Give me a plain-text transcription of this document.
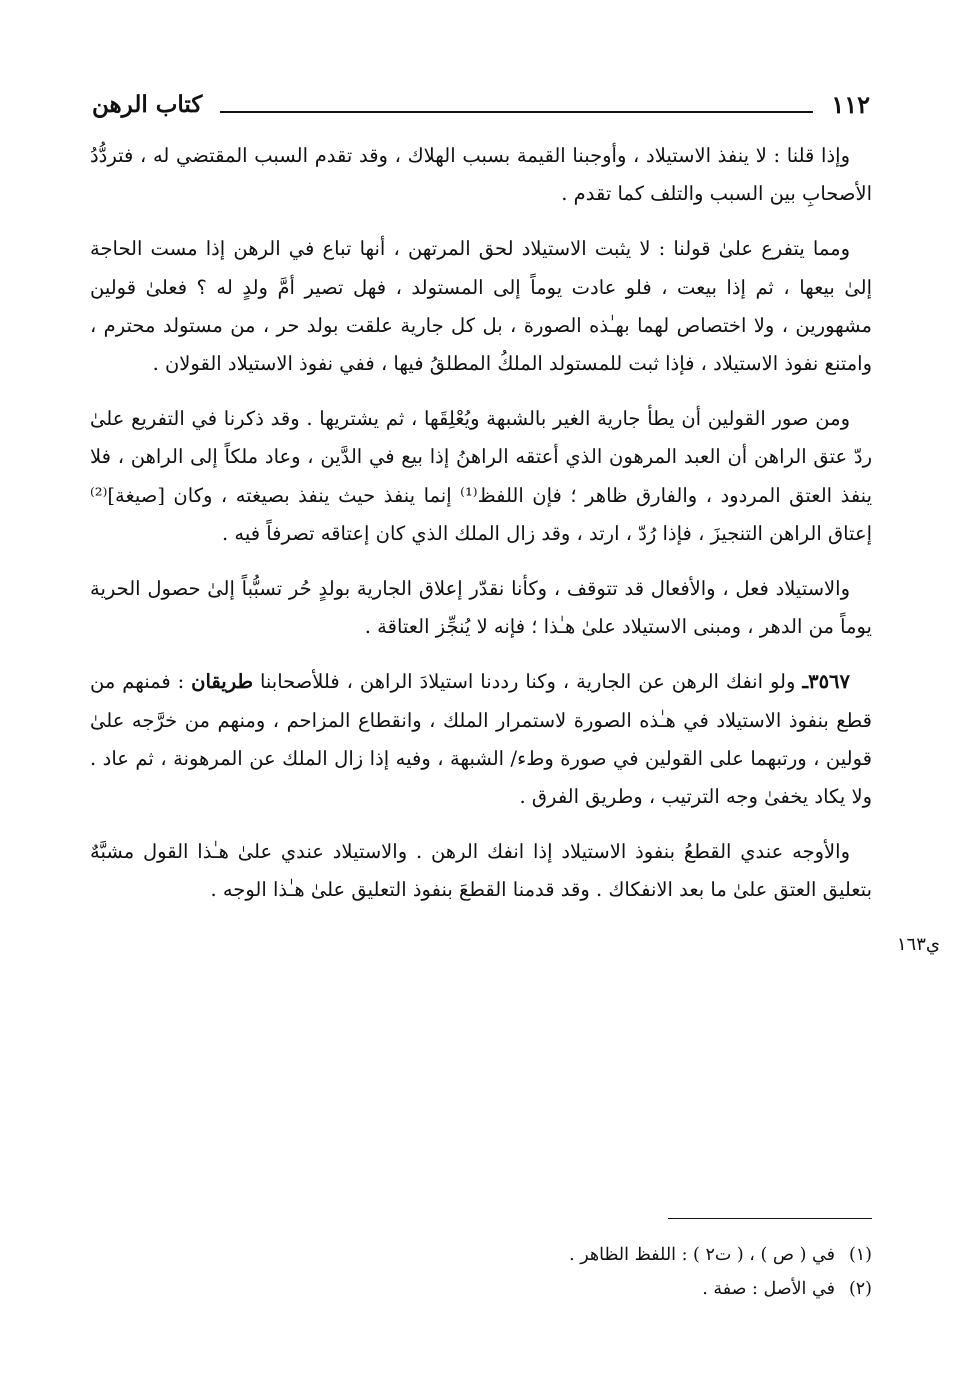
١١٢
كتاب الرهن

وإذا قلنا : لا ينفذ الاستيلاد ، وأوجبنا القيمة بسبب الهلاك ، وقد تقدم السبب المقتضي له ، فتردُّدُ الأصحابِ بين السبب والتلف كما تقدم .

ومما يتفرع علىٰ قولنا : لا يثبت الاستيلاد لحق المرتهن ، أنها تباع في الرهن إذا مست الحاجة إلىٰ بيعها ، ثم إذا بيعت ، فلو عادت يوماً إلى المستولد ، فهل تصير أمَّ ولدٍ له ؟ فعلىٰ قولين مشهورين ، ولا اختصاص لهما بهـٰذه الصورة ، بل كل جارية علقت بولد حر ، من مستولد محترم ، وامتنع نفوذ الاستيلاد ، فإذا ثبت للمستولد الملكُ المطلقُ فيها ، ففي نفوذ الاستيلاد القولان .

ومن صور القولين أن يطأ جارية الغير بالشبهة ويُعْلِقَها ، ثم يشتريها . وقد ذكرنا في التفريع علىٰ ردّ عتق الراهن أن العبد المرهون الذي أعتقه الراهنُ إذا بيع في الدَّين ، وعاد ملكاً إلى الراهن ، فلا ينفذ العتق المردود ، والفارق ظاهر ؛ فإن اللفظ⁽¹⁾ إنما ينفذ حيث ينفذ بصيغته ، وكان [صيغة]⁽²⁾ إعتاق الراهن التنجيزَ ، فإذا رُدّ ، ارتد ، وقد زال الملك الذي كان إعتاقه تصرفاً فيه .

والاستيلاد فعل ، والأفعال قد تتوقف ، وكأنا نقدّر إعلاق الجارية بولدٍ حُر تسبُّباً إلىٰ حصول الحرية يوماً من الدهر ، ومبنى الاستيلاد علىٰ هـٰذا ؛ فإنه لا يُنجِّز العتاقة .

٣٥٦٧ـ ولو انفك الرهن عن الجارية ، وكنا رددنا استيلادَ الراهن ، فللأصحابنا طريقان : فمنهم من قطع بنفوذ الاستيلاد في هـٰذه الصورة لاستمرار الملك ، وانقطاع المزاحم ، ومنهم من خرَّجه علىٰ قولين ، ورتبهما على القولين في صورة وطء/ الشبهة ، وفيه إذا زال الملك عن المرهونة ، ثم عاد . ولا يكاد يخفىٰ وجه الترتيب ، وطريق الفرق .

والأوجه عندي القطعُ بنفوذ الاستيلاد إذا انفك الرهن . والاستيلاد عندي علىٰ هـٰذا القول مشبَّهٌ بتعليق العتق علىٰ ما بعد الانفكاك . وقد قدمنا القطعَ بنفوذ التعليق علىٰ هـٰذا الوجه .

ي١٦٣

(١)في ( ص ) ، ( ت٢ ) : اللفظ الظاهر .

(٢)في الأصل : صفة .
